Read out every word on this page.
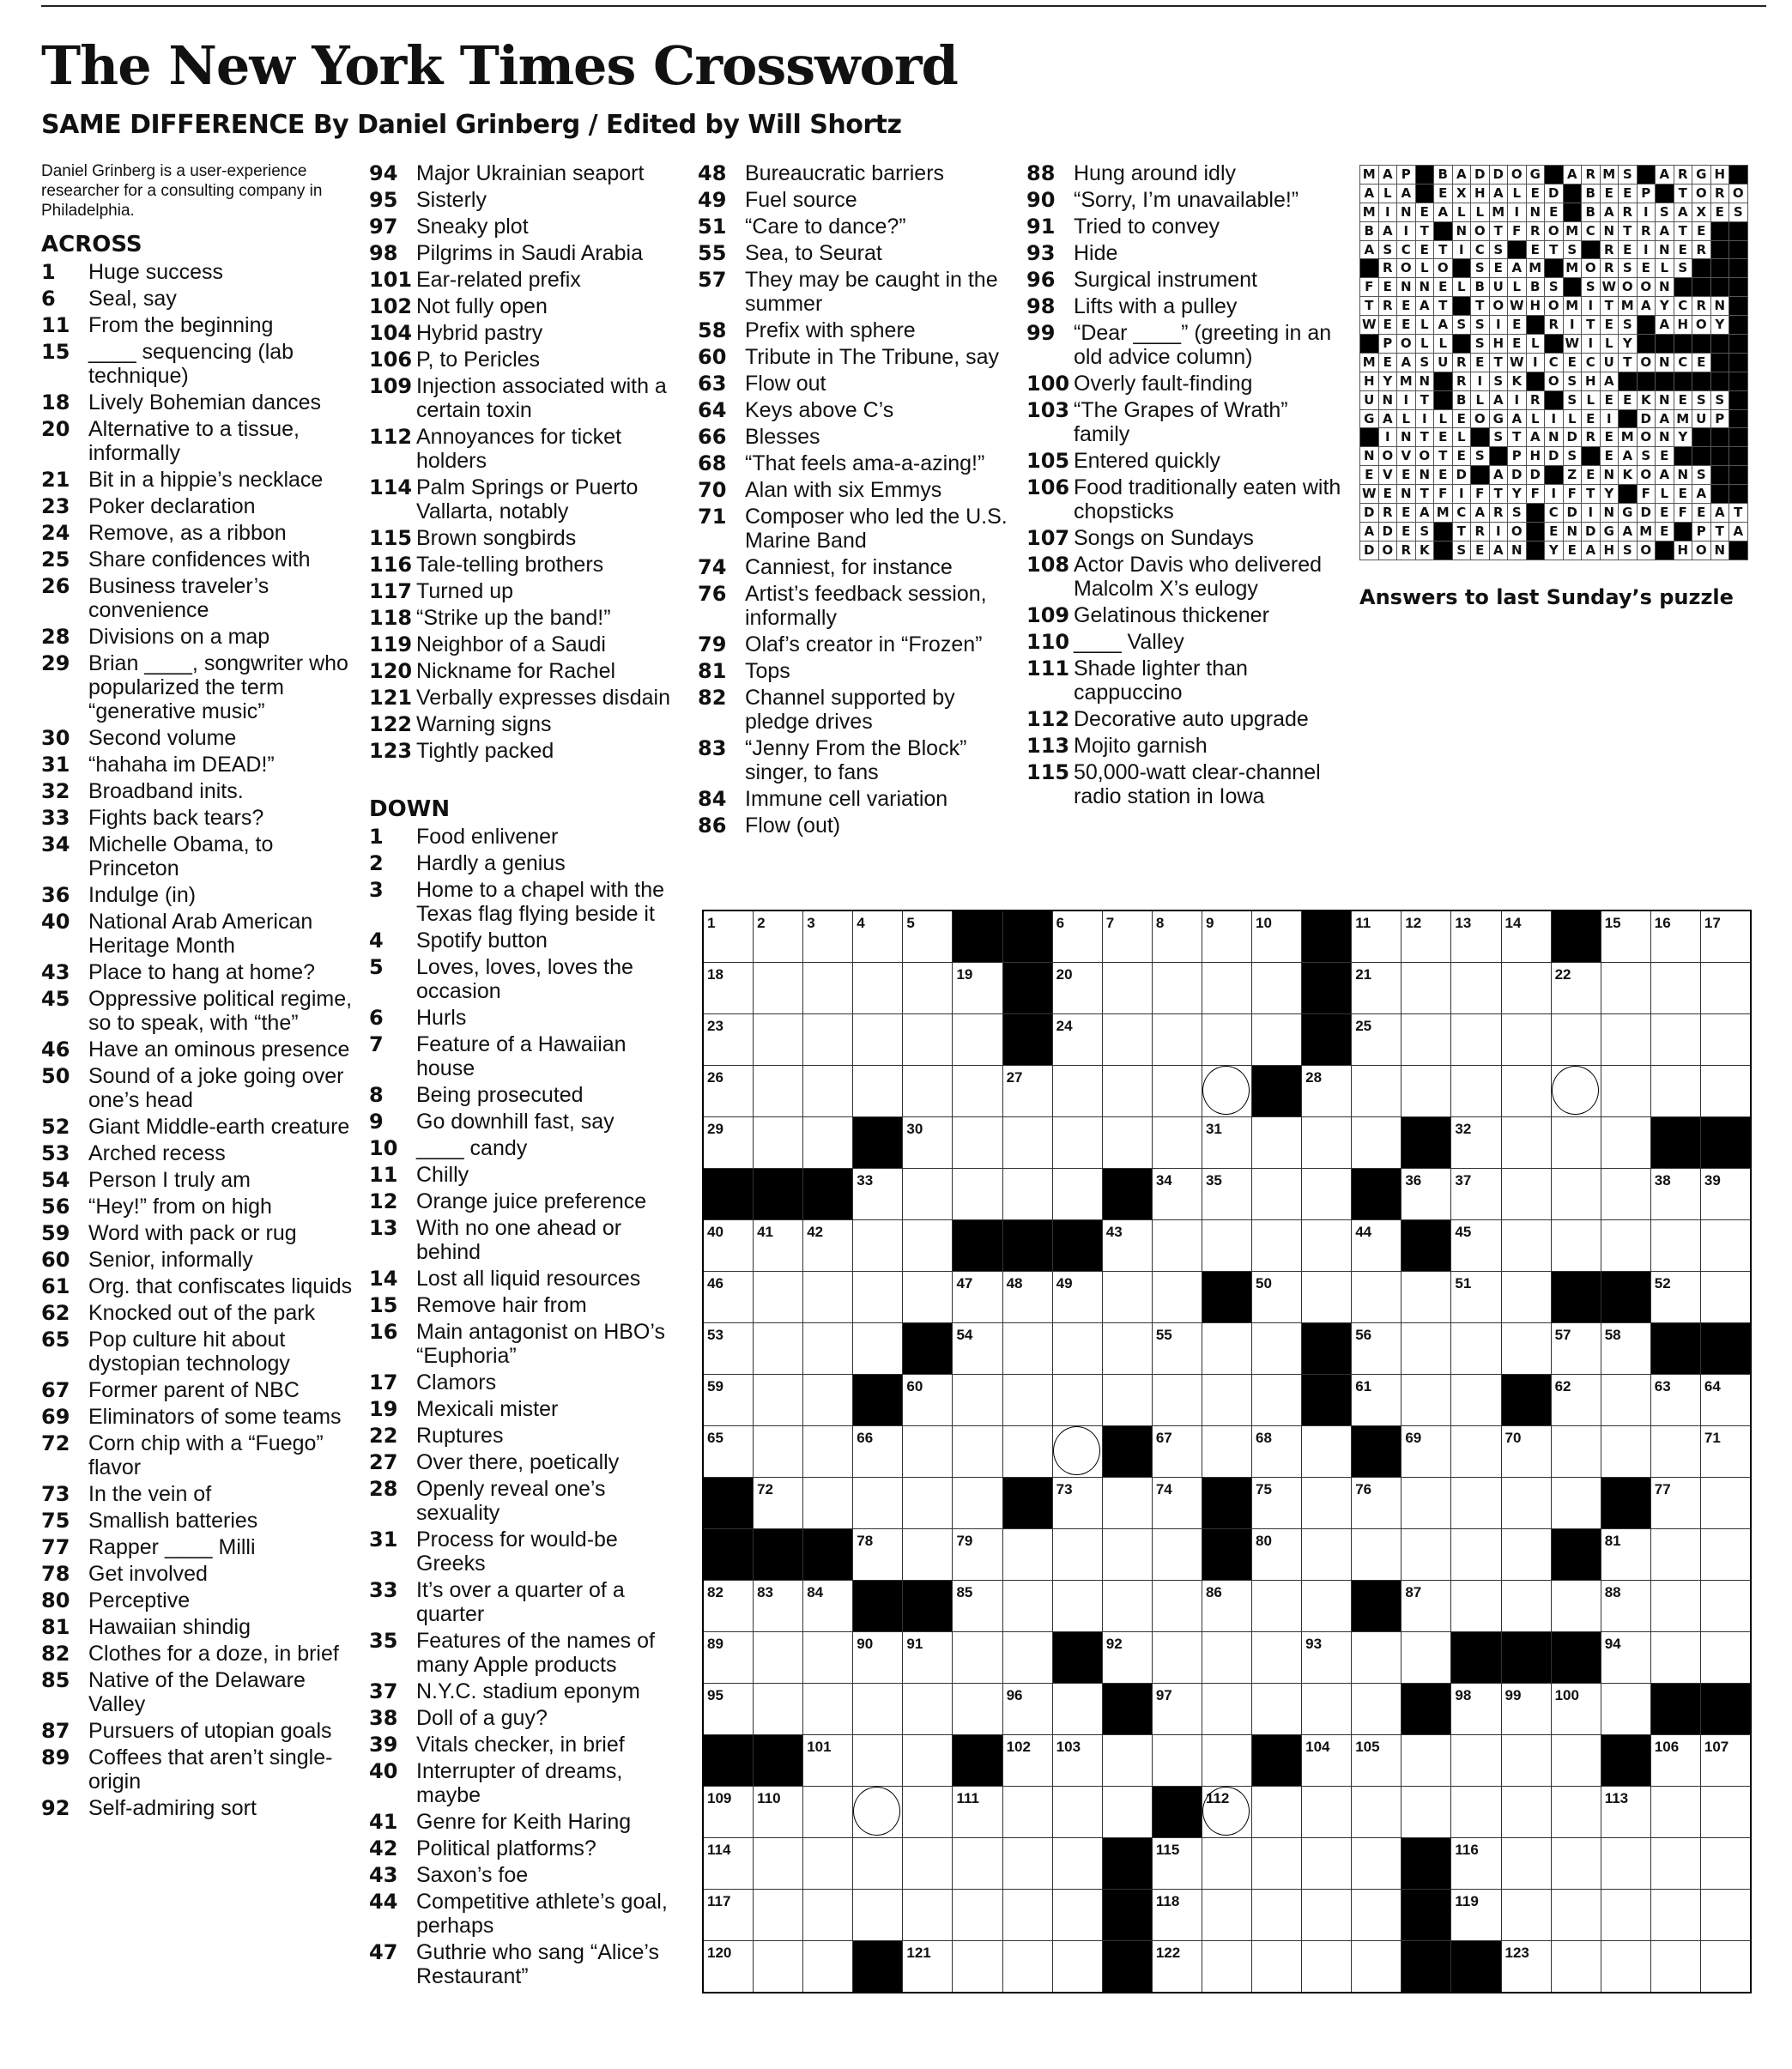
The New York Times Crossword
SAME DIFFERENCE By Daniel Grinberg / Edited by Will Shortz
Daniel Grinberg is a user-experience researcher for a consulting company in Philadelphia.
ACROSS
1	Huge success
6	Seal, say
11 From the beginning
15 ____ sequencing (lab technique)
18 Lively Bohemian dances
20 Alternative to a tissue, informally
21 Bit in a hippie’s necklace
23 Poker declaration
24 Remove, as a ribbon
25 Share confidences with
26 Business traveler’s convenience
28 Divisions on a map
29 Brian ____, songwriter who popularized the term “generative music”
30 Second volume
31 “hahaha im DEAD!”
32 Broadband inits.
33 Fights back tears?
34 Michelle Obama, to Princeton
36 Indulge (in)
40 National Arab American Heritage Month
43 Place to hang at home?
45 Oppressive political regime, so to speak, with “the”
46 Have an ominous presence
50 Sound of a joke going over one’s head
52 Giant Middle-earth creature
53 Arched recess
54 Person I truly am
56 “Hey!” from on high
59 Word with pack or rug
60 Senior, informally
61 Org. that confiscates liquids
62 Knocked out of the park
65 Pop culture hit about dystopian technology
67 Former parent of NBC
69 Eliminators of some teams
72 Corn chip with a “Fuego” flavor
73 In the vein of
75 Smallish batteries
77 Rapper ____ Milli
78 Get involved
80 Perceptive
81 Hawaiian shindig
82 Clothes for a doze, in brief
85 Native of the Delaware Valley
87 Pursuers of utopian goals
89 Coffees that aren’t single-origin
92 Self-admiring sort
94 Major Ukrainian seaport
95 Sisterly
97 Sneaky plot
98 Pilgrims in Saudi Arabia
101 Ear-related prefix
102 Not fully open
104 Hybrid pastry
106 P, to Pericles
109 Injection associated with a certain toxin
112 Annoyances for ticket holders
114 Palm Springs or Puerto Vallarta, notably
115 Brown songbirds
116 Tale-telling brothers
117 Turned up
118 “Strike up the band!”
119 Neighbor of a Saudi
120 Nickname for Rachel
121 Verbally expresses disdain
122 Warning signs
123 Tightly packed
DOWN
1	Food enlivener
2	Hardly a genius
3	Home to a chapel with the Texas flag flying beside it
4	Spotify button
5	Loves, loves, loves the occasion
6	Hurls
7	Feature of a Hawaiian house
8	Being prosecuted
9	Go downhill fast, say
10 ____ candy
11 Chilly
12 Orange juice preference
13 With no one ahead or behind
14 Lost all liquid resources
15 Remove hair from
16 Main antagonist on HBO’s “Euphoria”
17 Clamors
19 Mexicali mister
22 Ruptures
27 Over there, poetically
28 Openly reveal one’s sexuality
31 Process for would-be Greeks
33 It’s over a quarter of a quarter
35 Features of the names of many Apple products
37 N.Y.C. stadium eponym
38 Doll of a guy?
39 Vitals checker, in brief
40 Interrupter of dreams, maybe
41 Genre for Keith Haring
42 Political platforms?
43 Saxon’s foe
44 Competitive athlete’s goal, perhaps
47 Guthrie who sang “Alice’s Restaurant”
48 Bureaucratic barriers
49 Fuel source
51 “Care to dance?”
55 Sea, to Seurat
57 They may be caught in the summer
58 Prefix with sphere
60 Tribute in The Tribune, say
63 Flow out
64 Keys above C’s
66 Blesses
68 “That feels ama-a-azing!”
70 Alan with six Emmys
71 Composer who led the U.S. Marine Band
74 Canniest, for instance
76 Artist’s feedback session, informally
79 Olaf’s creator in “Frozen”
81 Tops
82 Channel supported by pledge drives
83 “Jenny From the Block” singer, to fans
84 Immune cell variation
86 Flow (out)
88 Hung around idly
90 “Sorry, I’m unavailable!”
91 Tried to convey
93 Hide
96 Surgical instrument
98 Lifts with a pulley
99 “Dear ____” (greeting in an old advice column)
100 Overly fault-finding
103 “The Grapes of Wrath” family
105 Entered quickly
106 Food traditionally eaten with chopsticks
107 Songs on Sundays
108 Actor Davis who delivered Malcolm X’s eulogy
109 Gelatinous thickener
110 ____ Valley
111 Shade lighter than cappuccino
112 Decorative auto upgrade
113 Mojito garnish
115 50,000-watt clear-channel radio station in Iowa
M	A	P		B	A	D	D	O	G		A	R	M	S		A	R	G	H	
A	L	A		E	X	H	A	L	E	D		B	E	E	P		T	O	R	O
M	I	N	E	A	L	L	M	I	N	E		B	A	R	I	S	A	X	E	S
B	A	I	T		N	O	T	F	R	O	M	C	N	T	R	A	T	E		
A	S	C	E	T	I	C	S		E	T	S		R	E	I	N	E	R		
	R	O	L	O		S	E	A	M		M	O	R	S	E	L	S			
F	E	N	N	E	L	B	U	L	B	S		S	W	O	O	N				
T	R	E	A	T		T	O	W	H	O	M	I	T	M	A	Y	C	R	N	
W	E	E	L	A	S	S	I	E		R	I	T	E	S		A	H	O	Y	
	P	O	L	L		S	H	E	L		W	I	L	Y						
M	E	A	S	U	R	E	T	W	I	C	E	C	U	T	O	N	C	E		
H	Y	M	N		R	I	S	K		O	S	H	A							
U	N	I	T		B	L	A	I	R		S	L	E	E	K	N	E	S	S	
G	A	L	I	L	E	O	G	A	L	I	L	E	I		D	A	M	U	P	
	I	N	T	E	L		S	T	A	N	D	R	E	M	O	N	Y			
N	O	V	O	T	E	S		P	H	D	S		E	A	S	E				
E	V	E	N	E	D		A	D	D		Z	E	N	K	O	A	N	S		
W	E	N	T	F	I	F	T	Y	F	I	F	T	Y		F	L	E	A		
D	R	E	A	M	C	A	R	S		C	D	I	N	G	D	E	F	E	A	T
A	D	E	S		T	R	I	O		E	N	D	G	A	M	E		P	T	A
D	O	R	K		S	E	A	N		Y	E	A	H	S	O		H	O	N	
Answers to last Sunday’s puzzle
1	2	3	4	5			6	7	8	9	10		11	12	13	14		15	16	17

18					19		20						21				22			

23							24						25							

26						27						28								

29				30						31					32					

			33						34	35				36	37				38	39

40	41	42						43					44		45					

46					47	48	49				50				51				52	

53					54				55				56				57	58		

59				60									61				62		63	64

65			66						67		68			69		70				71

	72						73		74		75		76						77	

			78		79						80							81		

82	83	84			85					86				87				88		

89			90	91				92				93						94		

95						96			97						98	99	100			

		101				102	103					104	105						106	107

109	110				111					112								113		

114									115						116					

117									118						119					

120				121					122							123				
